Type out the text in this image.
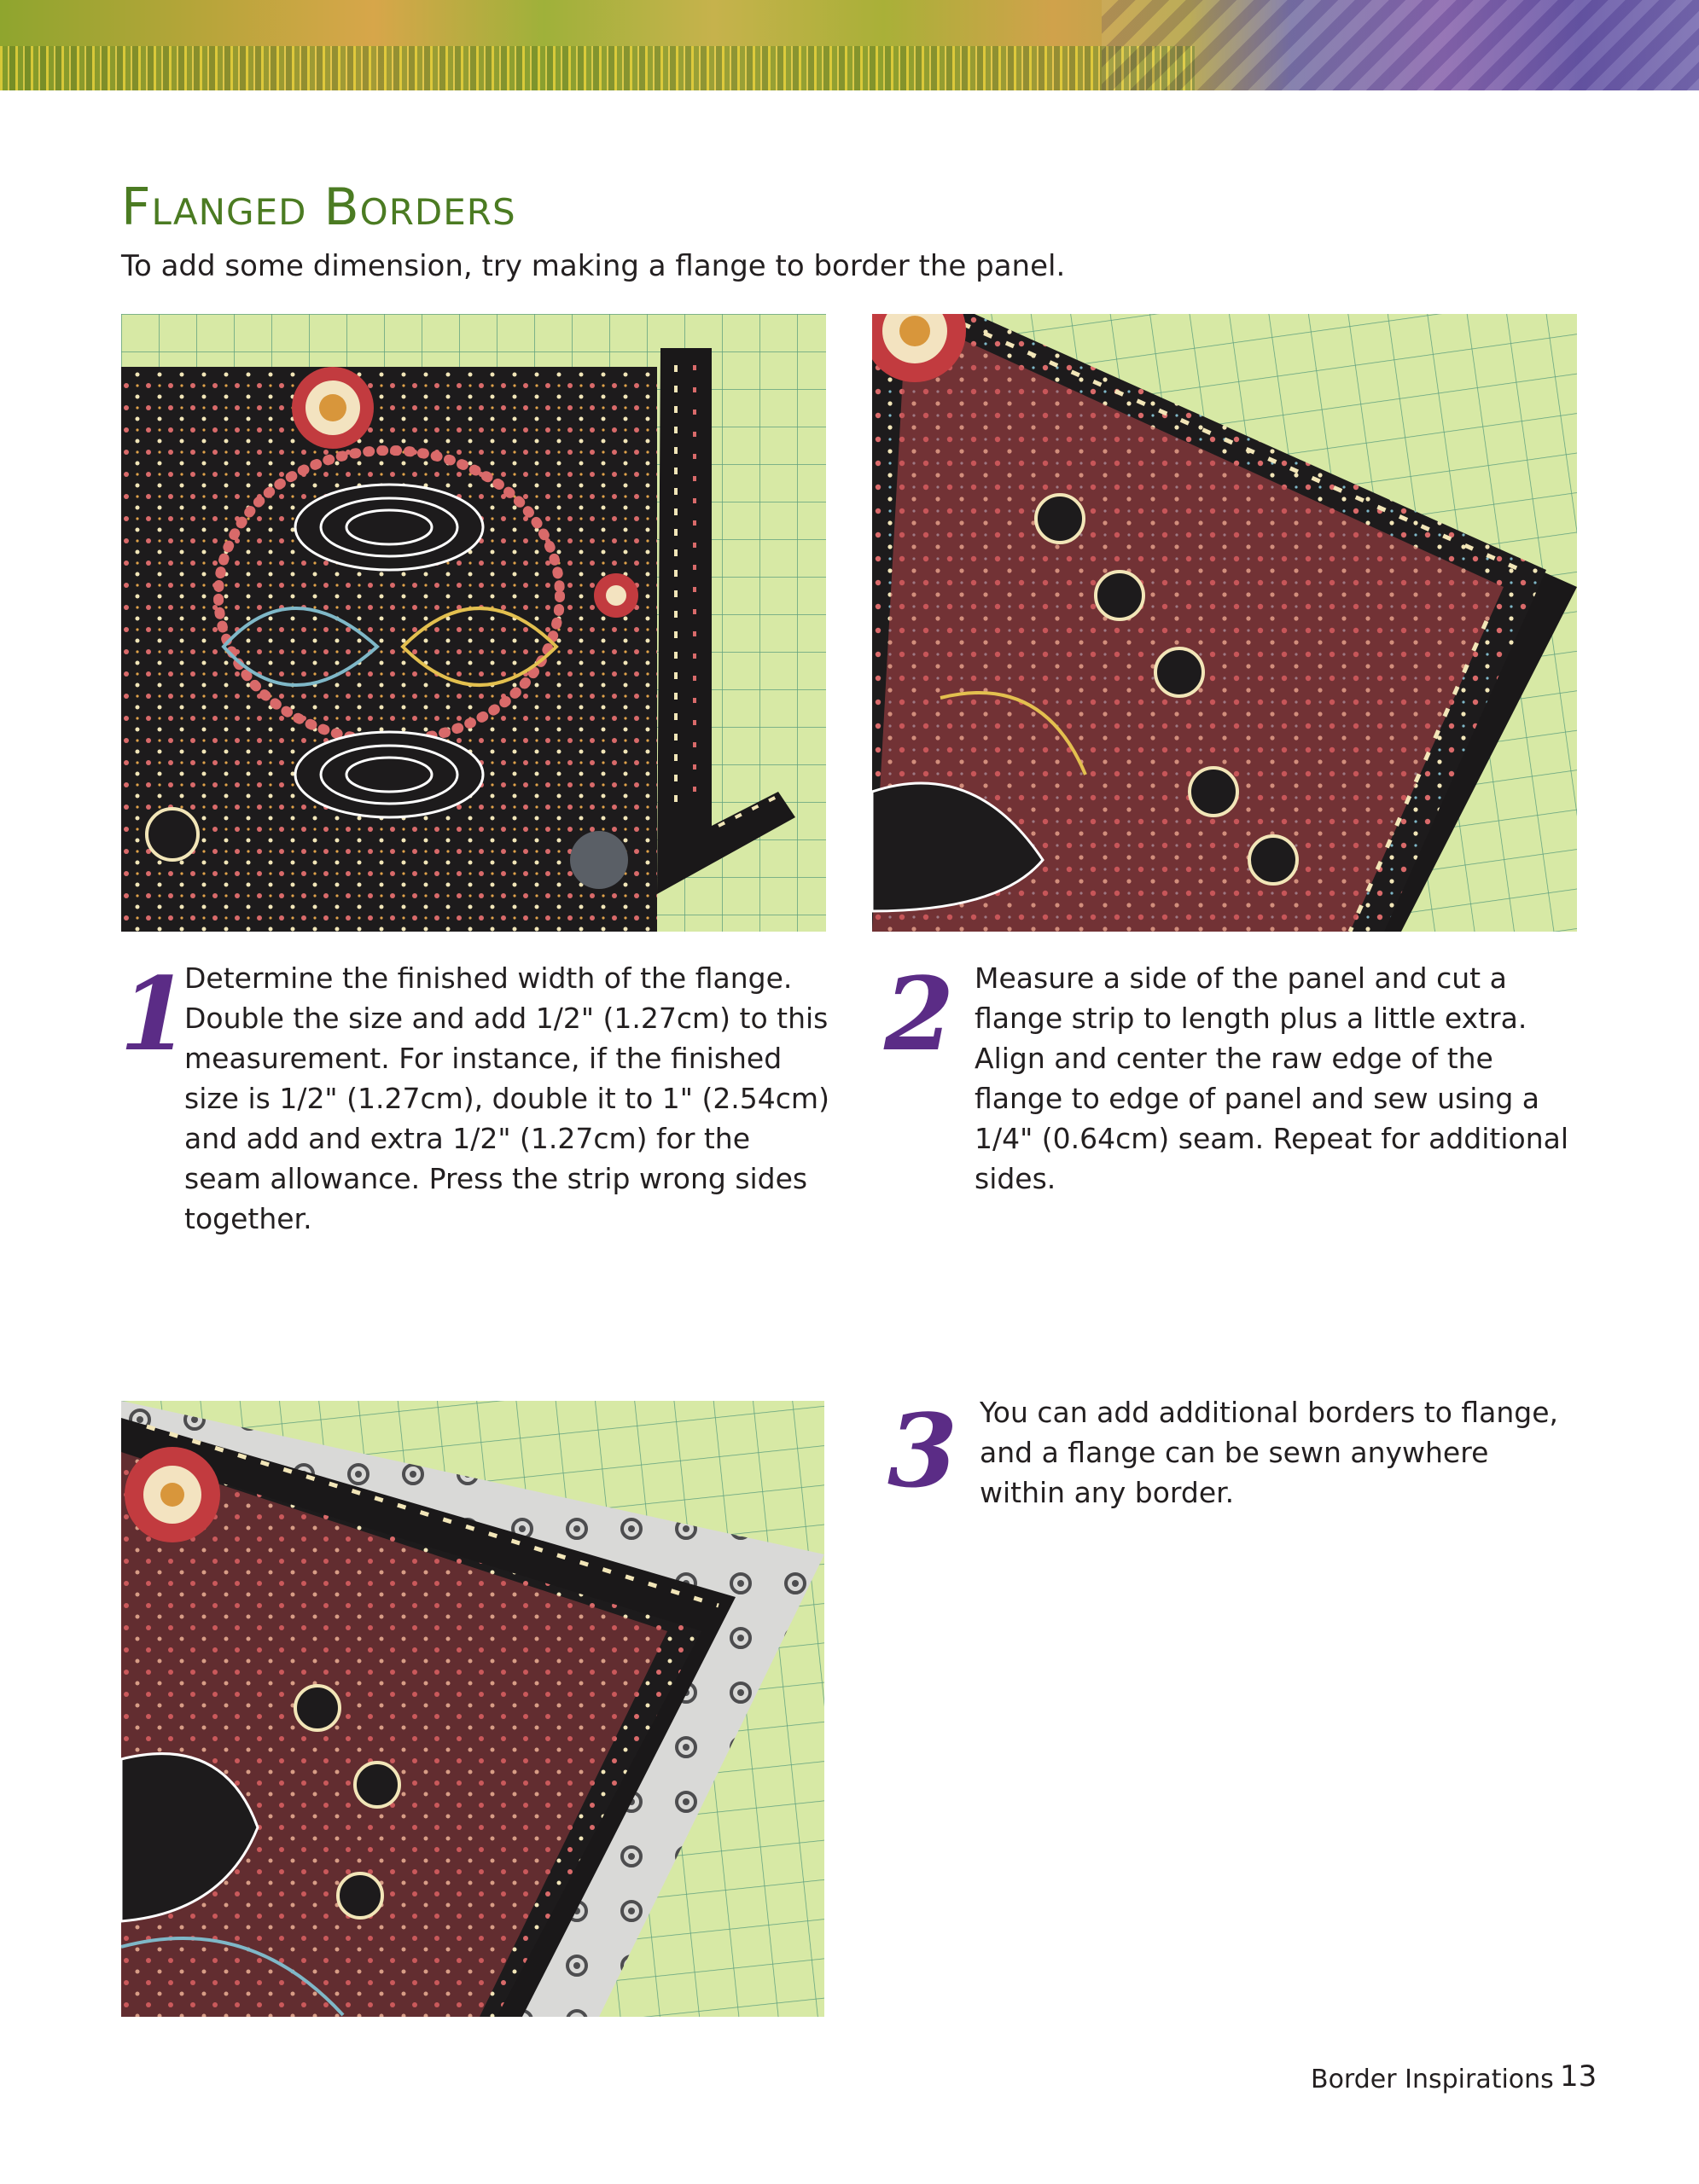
Flanged Borders

To add some dimension, try making a flange to border the panel.

1

Determine the finished width of the flange. Double the size and add 1/2" (1.27cm) to this measurement. For instance, if the finished size is 1/2" (1.27cm), double it to 1" (2.54cm) and add and extra 1/2" (1.27cm) for the seam allowance. Press the strip wrong sides together.

2 Measure a side of the panel and cut a flange strip to length plus a little extra. Align and center the raw edge of the flange to edge of panel and sew using a 1/4" (0.64cm) seam. Repeat for additional sides.

3 You can add additional borders to flange, and a flange can be sewn anywhere within any border.

Border Inspirations 13
